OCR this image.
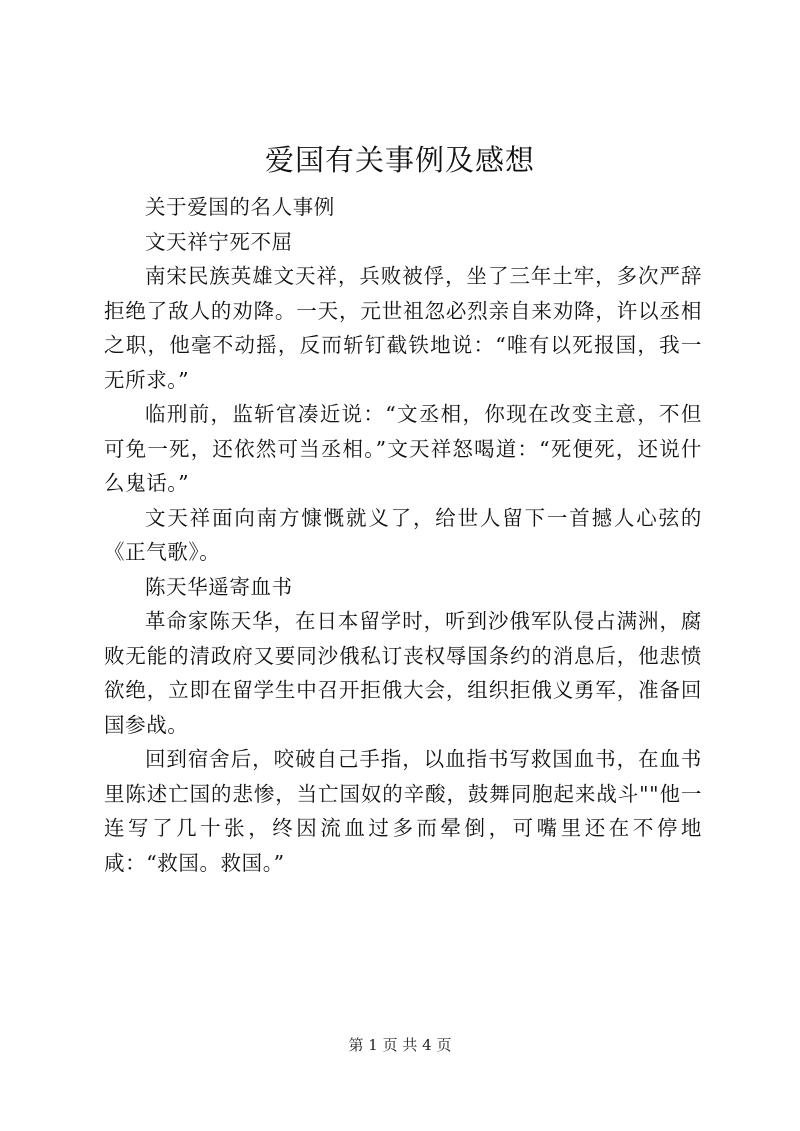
爱国有关事例及感想

关于爱国的名人事例

文天祥宁死不屈

南宋民族英雄文天祥，兵败被俘，坐了三年土牢，多次严辞拒绝了敌人的劝降。一天，元世祖忽必烈亲自来劝降，许以丞相之职，他毫不动摇，反而斩钉截铁地说：“唯有以死报国，我一无所求。”

临刑前，监斩官凑近说：“文丞相，你现在改变主意，不但可免一死，还依然可当丞相。”文天祥怒喝道：“死便死，还说什么鬼话。”

文天祥面向南方慷慨就义了，给世人留下一首撼人心弦的《正气歌》。

陈天华遥寄血书

革命家陈天华，在日本留学时，听到沙俄军队侵占满洲，腐败无能的清政府又要同沙俄私订丧权辱国条约的消息后，他悲愤欲绝，立即在留学生中召开拒俄大会，组织拒俄义勇军，准备回国参战。

回到宿舍后，咬破自己手指，以血指书写救国血书，在血书里陈述亡国的悲惨，当亡国奴的辛酸，鼓舞同胞起来战斗""他一连写了几十张，终因流血过多而晕倒，可嘴里还在不停地咸：“救国。救国。”

第 1 页 共 4 页
